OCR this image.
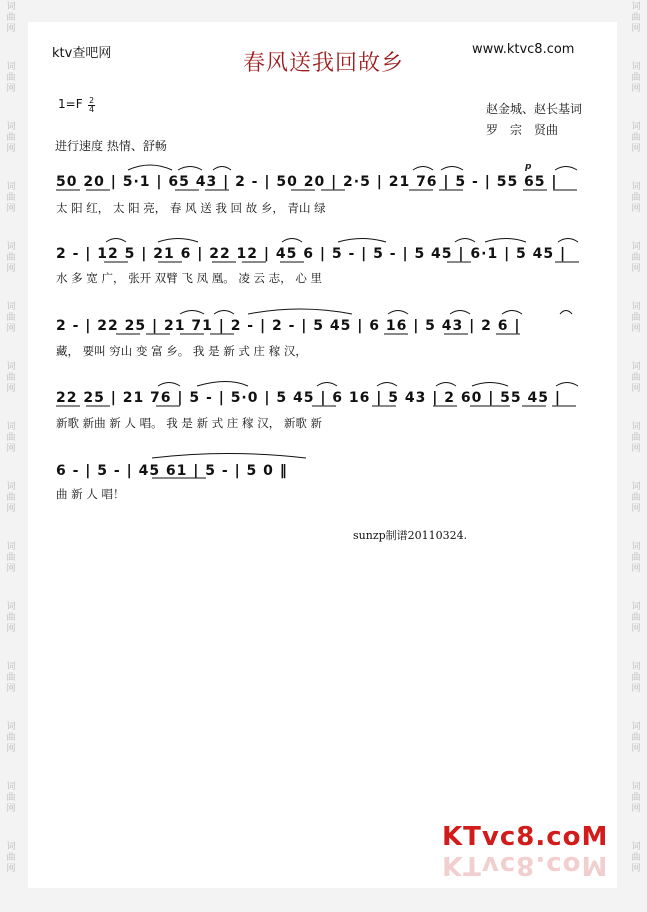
词
曲
网
词
曲
网
词
曲
网
词
曲
网
词
曲
网
词
曲
网
词
曲
网
词
曲
网
词
曲
网
词
曲
网
词
曲
网
词
曲
网
词
曲
网
词
曲
网
词
曲
网
词
曲
网
词
曲
网
词
曲
网
词
曲
网
词
曲
网
词
曲
网
词
曲
网
词
曲
网
词
曲
网
词
曲
网
词
曲
网
词
曲
网
词
曲
网
词
曲
网
词
曲
网
ktv查吧网	春风送我回故乡
www.ktvc8.com
$1=F \frac{2}{4}$	赵金城、赵长基词
罗　宗　贤曲
进行速度 热情、舒畅
p
50 20 | 5·1 | 65 43 | 2 - | 50 20 | 2·5 | 21 76 | 5 - | 55 65 |
太 阳 红， 太 阳 亮， 春 风 送 我 回 故 乡， 青山 绿
2 - | 12 5 | 21 6 | 22 12 | 45 6 | 5 - | 5 - | 5 45 | 6·1 | 5 45 |
水 多 宽 广， 张开 双臂 飞 凤 凰。 凌 云 志， 心 里
2 - | 22 25 | 21 71 | 2 - | 2 - | 5 45 | 6 16 | 5 43 | 2 6 |
藏， 要叫 穷山 变 富 乡。 我 是 新 式 庄 稼 汉，
22 25 | 21 76 | 5 - | 5·0 | 5 45 | 6 16 | 5 43 | 2 60 | 55 45 |
新歌 新曲 新 人 唱。 我 是 新 式 庄 稼 汉， 新歌 新
6 - | 5 - | 45 61 | 5 - | 5 0 ‖
曲 新 人 唱！
sunzp制谱20110324.
KTvc8.coM
KTvc8.coM
